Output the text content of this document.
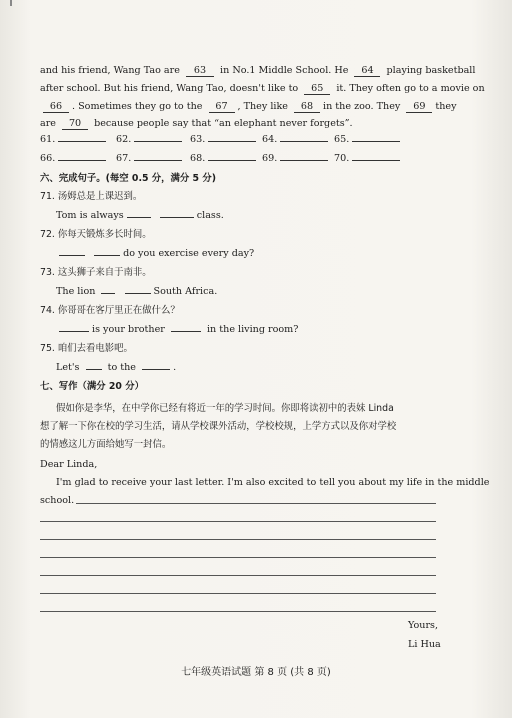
and his friend, Wang Tao are 63 in No.1 Middle School. He 64 playing basketball
after school. But his friend, Wang Tao, doesn't like to 65 it. They often go to a movie on
66 . Sometimes they go to the 67 , They like 68 in the zoo. They 69 they
are 70 because people say that “an elephant never forgets”.
61.	62.	63.	64.	65.
66.	67.	68.	69.	70.
六、完成句子。(每空 0.5 分，满分 5 分)
71. 汤姆总是上课迟到。
Tom is always	class.
72. 你每天锻炼多长时间。
do you exercise every day?
73. 这头狮子来自于南非。
The lion	South Africa.
74. 你哥哥在客厅里正在做什么？
is your brother	in the living room?
75. 咱们去看电影吧。
Let's	to the	.
七、写作（满分 20 分）
假如你是李华，在中学你已经有将近一年的学习时间。你即将读初中的表妹 Linda
想了解一下你在校的学习生活，请从学校课外活动，学校校规，上学方式以及你对学校
的情感这儿方面给她写一封信。
Dear Linda,
I'm glad to receive your last letter. I'm also excited to tell you about my life in the middle
school.
Yours,
Li Hua
七年级英语试题 第 8 页 (共 8 页)
